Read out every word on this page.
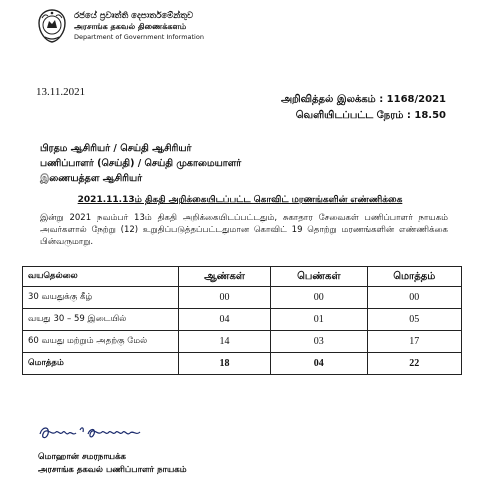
රජයේ ප්‍රවෘත්ති දෙපාර්තමේන්තුව
அரசாங்க தகவல் திணைக்களம்
Department of Government Information
13.11.2021
அறிவித்தல் இலக்கம் : 1168/2021
வெளியிடப்பட்ட நேரம் : 18.50
பிரதம ஆசிரியர் / செய்தி ஆசிரியர்
பணிப்பாளர் (செய்தி) / செய்தி முகாமையாளர்
இணையத்தள ஆசிரியர்
2021.11.13ம் திகதி அறிக்கையிடப்பட்ட கொவிட் மரணங்களின் எண்ணிக்கை
இன்று 2021 நவம்பர் 13ம் திகதி அறிக்கையிடப்பட்டதும், சுகாதார சேவைகள் பணிப்பாளர் நாயகம் அவர்களால் நேற்று (12) உறுதிப்படுத்தப்பட்டதுமான கொவிட் 19 தொற்று மரணங்களின் எண்ணிக்கை பின்வருமாறு.
வயதெல்லை	ஆண்கள்	பெண்கள்	மொத்தம்
30 வயதுக்கு கீழ்	00	00	00
வயது 30 – 59 இடையில்	04	01	05
60 வயது மற்றும் அதற்கு மேல்	14	03	17
மொத்தம்	18	04	22
மொஹான் சமரநாயக்க
அரசாங்க தகவல் பணிப்பாளர் நாயகம்
